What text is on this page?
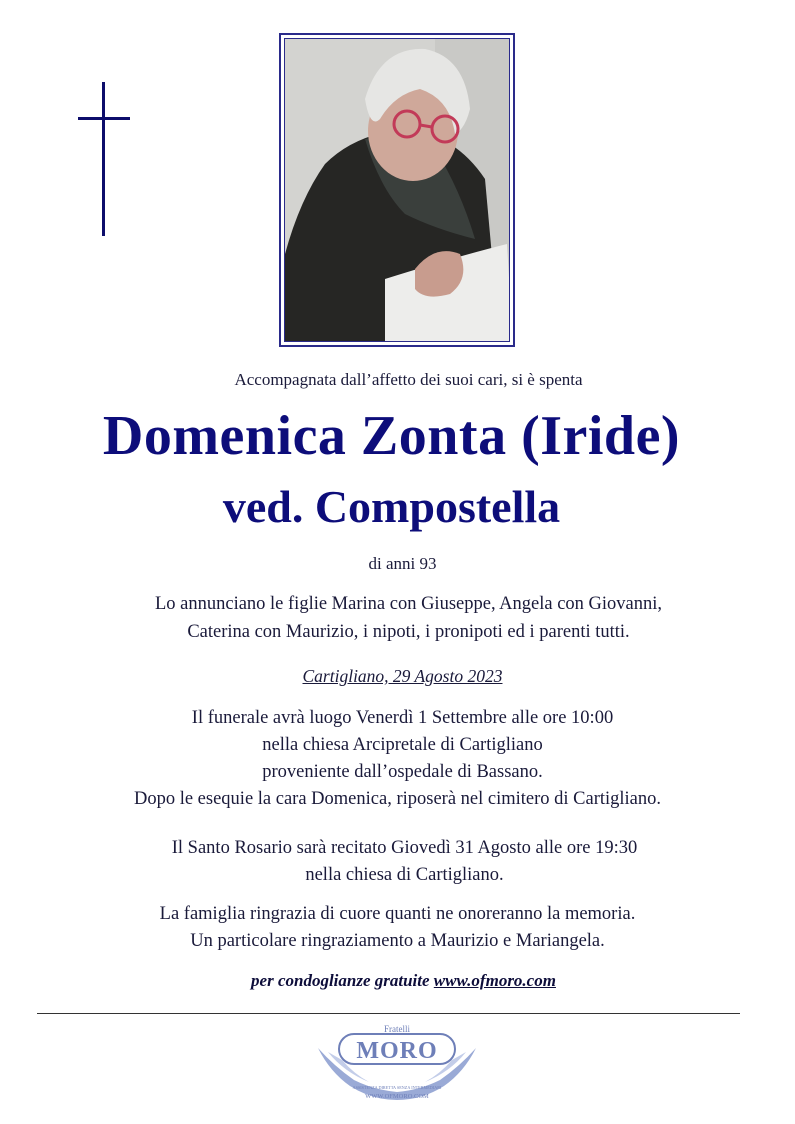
Accompagnata dall’affetto dei suoi cari, si è spenta
Domenica Zonta (Iride)
ved. Compostella
di anni 93
Lo annunciano le figlie Marina con Giuseppe, Angela con Giovanni,
Caterina con Maurizio, i nipoti, i pronipoti ed i parenti tutti.
Cartigliano, 29 Agosto 2023
Il funerale avrà luogo Venerdì 1 Settembre alle ore 10:00
nella chiesa Arcipretale di Cartigliano
proveniente dall’ospedale di Bassano.
Dopo le esequie la cara Domenica, riposerà nel cimitero di Cartigliano.
Il Santo Rosario sarà recitato Giovedì 31 Agosto alle ore 19:30
nella chiesa di Cartigliano.
La famiglia ringrazia di cuore quanti ne onoreranno la memoria.
Un particolare ringraziamento a Maurizio e Mariangela.
per condoglianze gratuite www.ofmoro.com
Fratelli
MORO
ASSISTENZA DIRETTA SENZA INTERMEDIARI
WWW.OFMORO.COM
